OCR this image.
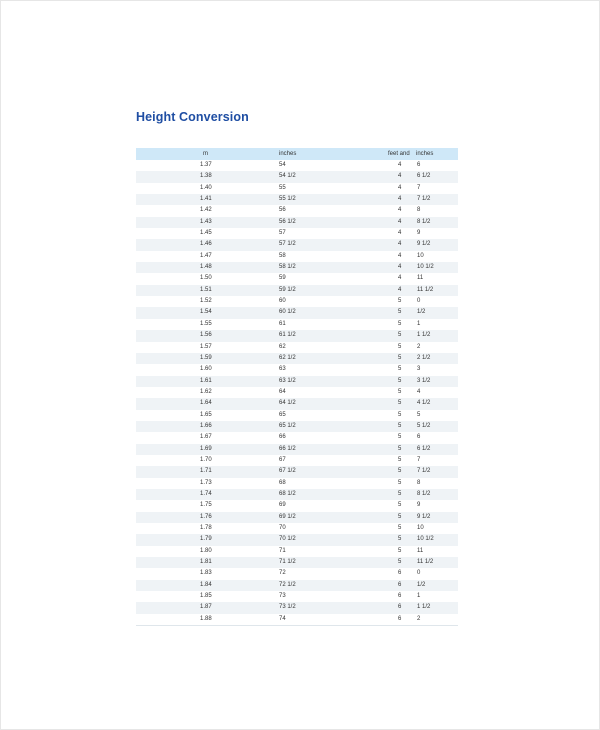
Height Conversion
m	inches	feet and inches
1.37	54	4	6
1.38	54 1/2	4	6 1/2
1.40	55	4	7
1.41	55 1/2	4	7 1/2
1.42	56	4	8
1.43	56 1/2	4	8 1/2
1.45	57	4	9
1.46	57 1/2	4	9 1/2
1.47	58	4	10
1.48	58 1/2	4	10 1/2
1.50	59	4	11
1.51	59 1/2	4	11 1/2
1.52	60	5	0
1.54	60 1/2	5	1/2
1.55	61	5	1
1.56	61 1/2	5	1 1/2
1.57	62	5	2
1.59	62 1/2	5	2 1/2
1.60	63	5	3
1.61	63 1/2	5	3 1/2
1.62	64	5	4
1.64	64 1/2	5	4 1/2
1.65	65	5	5
1.66	65 1/2	5	5 1/2
1.67	66	5	6
1.69	66 1/2	5	6 1/2
1.70	67	5	7
1.71	67 1/2	5	7 1/2
1.73	68	5	8
1.74	68 1/2	5	8 1/2
1.75	69	5	9
1.76	69 1/2	5	9 1/2
1.78	70	5	10
1.79	70 1/2	5	10 1/2
1.80	71	5	11
1.81	71 1/2	5	11 1/2
1.83	72	6	0
1.84	72 1/2	6	1/2
1.85	73	6	1
1.87	73 1/2	6	1 1/2
1.88	74	6	2
